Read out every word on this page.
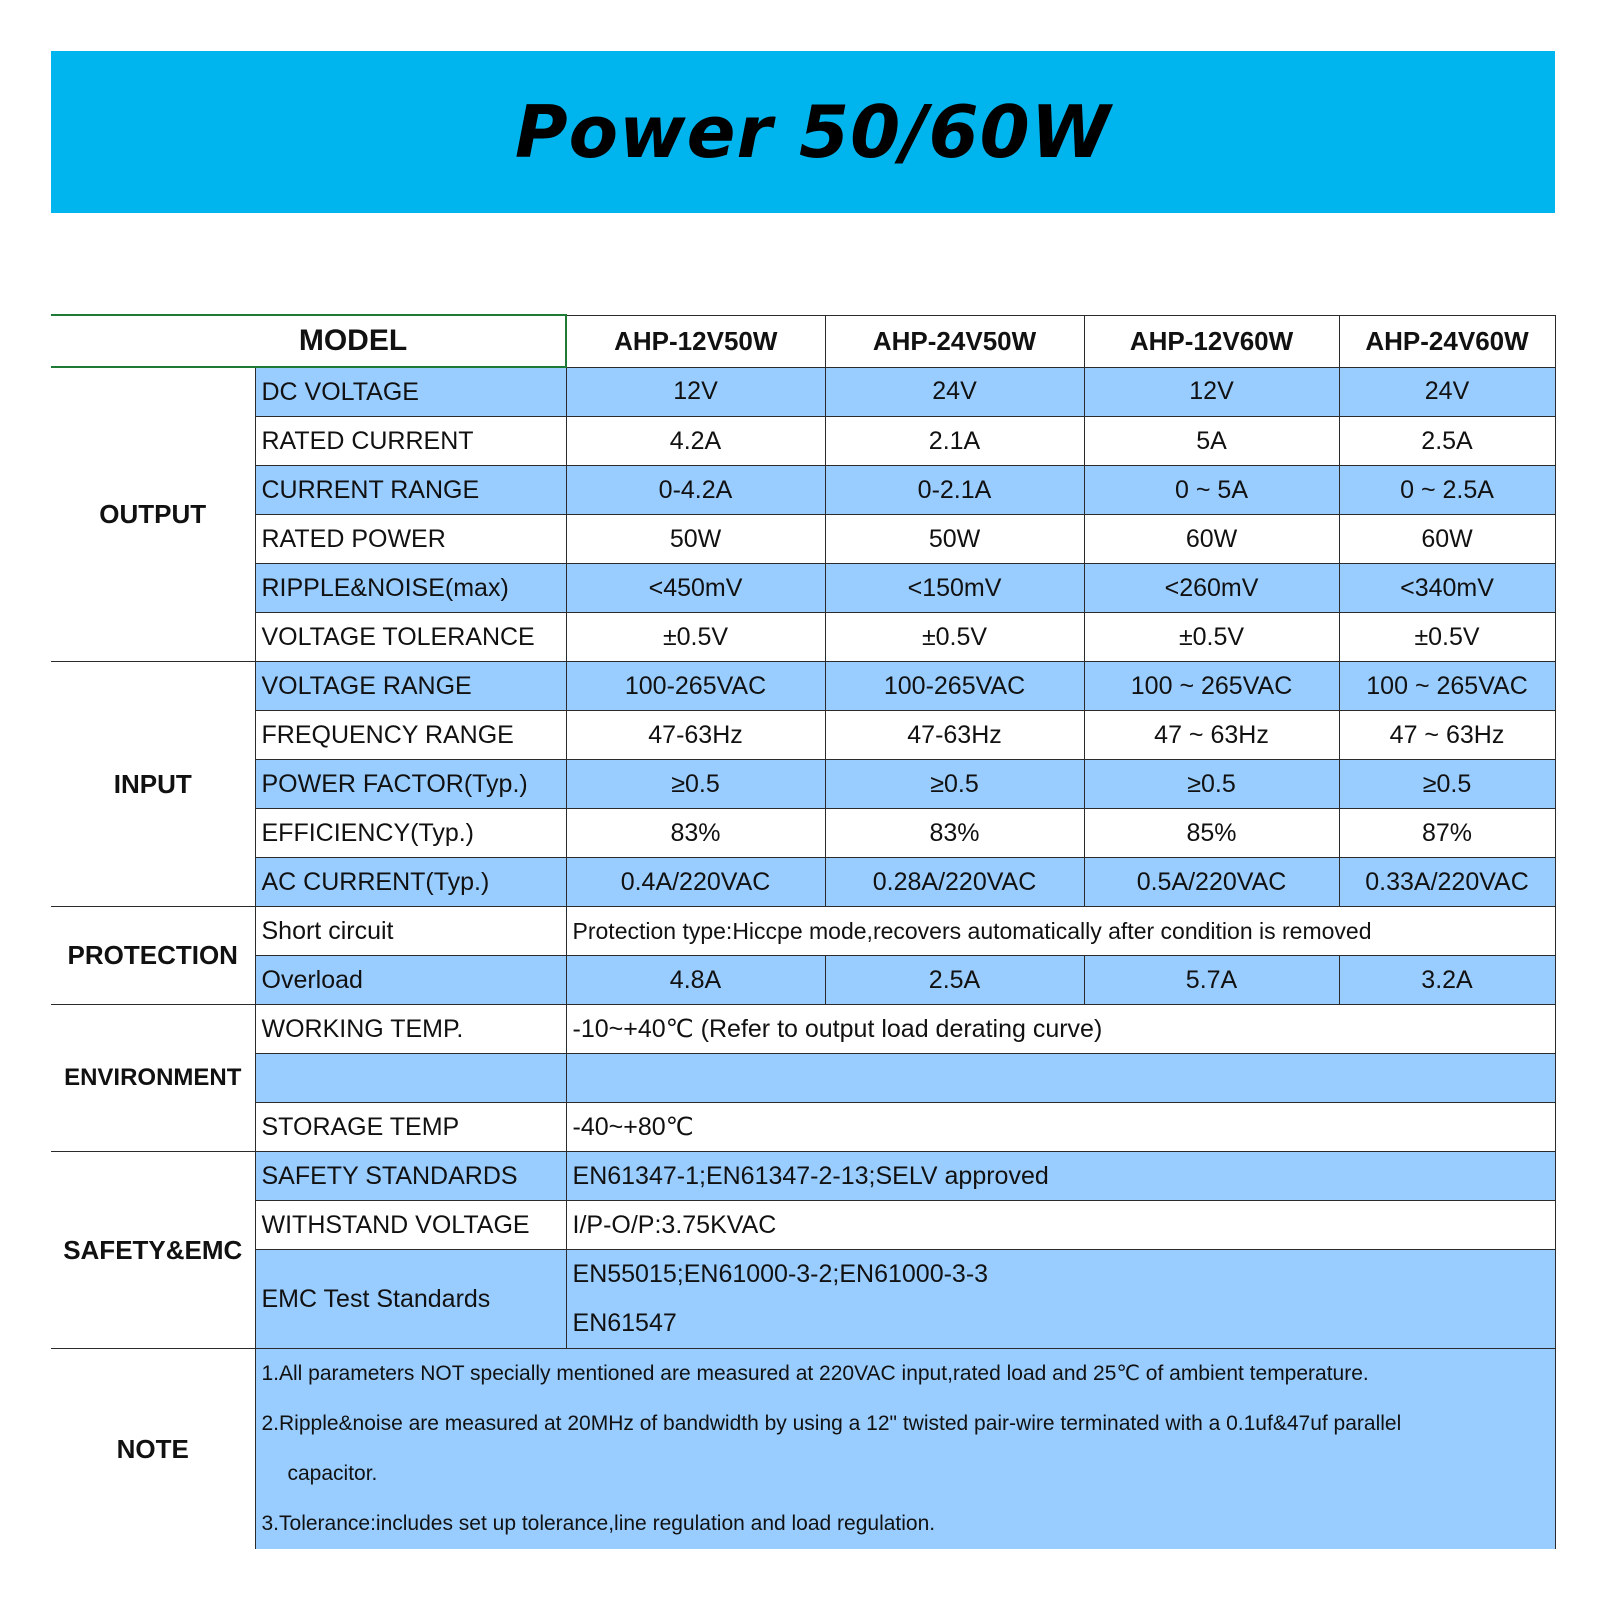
Power 50/60W
MODEL		AHP-12V50W	AHP-24V50W	AHP-12V60W	AHP-24V60W
OUTPUT	DC VOLTAGE	12V	24V	12V	24V
	RATED CURRENT	4.2A	2.1A	5A	2.5A
	CURRENT RANGE	0-4.2A	0-2.1A	0 ~ 5A	0 ~ 2.5A
	RATED POWER	50W	50W	60W	60W
	RIPPLE&NOISE(max)	<450mV	<150mV	<260mV	<340mV
	VOLTAGE TOLERANCE	±0.5V	±0.5V	±0.5V	±0.5V
INPUT	VOLTAGE RANGE	100-265VAC	100-265VAC	100 ~ 265VAC	100 ~ 265VAC
	FREQUENCY RANGE	47-63Hz	47-63Hz	47 ~ 63Hz	47 ~ 63Hz
	POWER FACTOR(Typ.)	≥0.5	≥0.5	≥0.5	≥0.5
	EFFICIENCY(Typ.)	83%	83%	85%	87%
	AC CURRENT(Typ.)	0.4A/220VAC	0.28A/220VAC	0.5A/220VAC	0.33A/220VAC
PROTECTION	Short circuit	Protection type:Hiccpe mode,recovers automatically after condition is removed			
	Overload	4.8A	2.5A	5.7A	3.2A
ENVIRONMENT	WORKING TEMP.	-10~+40℃ (Refer to output load derating curve)			

	STORAGE TEMP	-40~+80℃			
SAFETY&EMC	SAFETY STANDARDS	EN61347-1;EN61347-2-13;SELV approved			
	WITHSTAND VOLTAGE	I/P-O/P:3.75KVAC			
	EMC Test Standards	EN55015;EN61000-3-2;EN61000-3-3
EN61547			

NOTE	1.All parameters NOT specially mentioned are measured at 220VAC input,rated load and 25℃ of ambient temperature.
2.Ripple&noise are measured at 20MHz of bandwidth by using a 12" twisted pair-wire terminated with a 0.1uf&47uf parallel
capacitor.
3.Tolerance:includes set up tolerance,line regulation and load regulation.				
